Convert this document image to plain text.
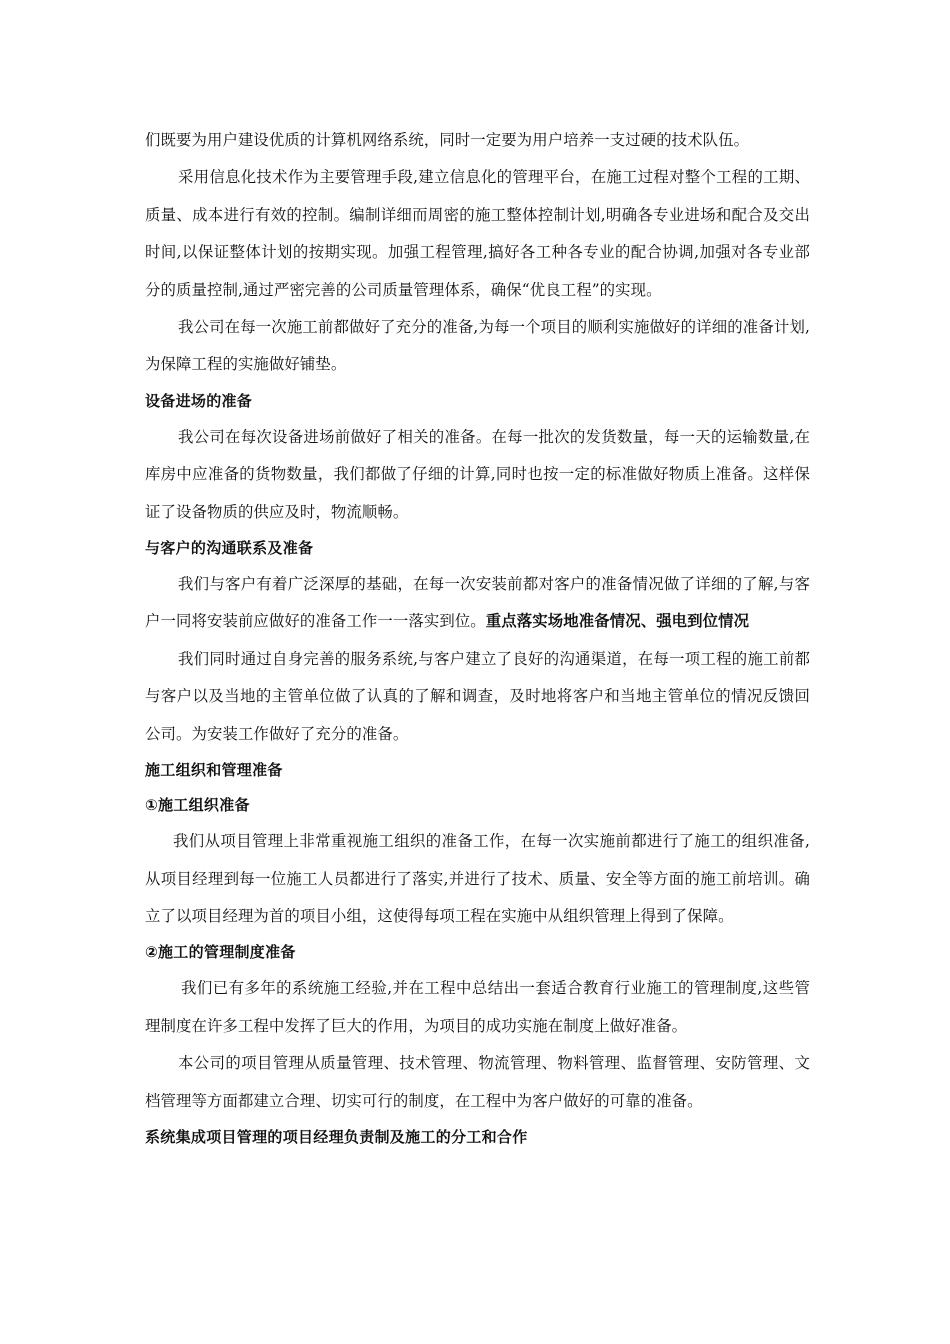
们既要为用户建设优质的计算机网络系统，同时一定要为用户培养一支过硬的技术队伍。

采用信息化技术作为主要管理手段,建立信息化的管理平台，在施工过程对整个工程的工期、质量、成本进行有效的控制。编制详细而周密的施工整体控制计划,明确各专业进场和配合及交出时间,以保证整体计划的按期实现。加强工程管理,搞好各工种各专业的配合协调,加强对各专业部分的质量控制,通过严密完善的公司质量管理体系，确保“优良工程”的实现。

我公司在每一次施工前都做好了充分的准备,为每一个项目的顺利实施做好的详细的准备计划,为保障工程的实施做好铺垫。

设备进场的准备

我公司在每次设备进场前做好了相关的准备。在每一批次的发货数量，每一天的运输数量,在库房中应准备的货物数量，我们都做了仔细的计算,同时也按一定的标准做好物质上准备。这样保证了设备物质的供应及时，物流顺畅。

与客户的沟通联系及准备

我们与客户有着广泛深厚的基础，在每一次安装前都对客户的准备情况做了详细的了解,与客户一同将安装前应做好的准备工作一一落实到位。重点落实场地准备情况、强电到位情况

我们同时通过自身完善的服务系统,与客户建立了良好的沟通渠道，在每一项工程的施工前都与客户以及当地的主管单位做了认真的了解和调查，及时地将客户和当地主管单位的情况反馈回公司。为安装工作做好了充分的准备。

施工组织和管理准备

①施工组织准备

我们从项目管理上非常重视施工组织的准备工作，在每一次实施前都进行了施工的组织准备,从项目经理到每一位施工人员都进行了落实,并进行了技术、质量、安全等方面的施工前培训。确立了以项目经理为首的项目小组，这使得每项工程在实施中从组织管理上得到了保障。

②施工的管理制度准备

我们已有多年的系统施工经验,并在工程中总结出一套适合教育行业施工的管理制度,这些管理制度在许多工程中发挥了巨大的作用，为项目的成功实施在制度上做好准备。

本公司的项目管理从质量管理、技术管理、物流管理、物料管理、监督管理、安防管理、文档管理等方面都建立合理、切实可行的制度，在工程中为客户做好的可靠的准备。

系统集成项目管理的项目经理负责制及施工的分工和合作
